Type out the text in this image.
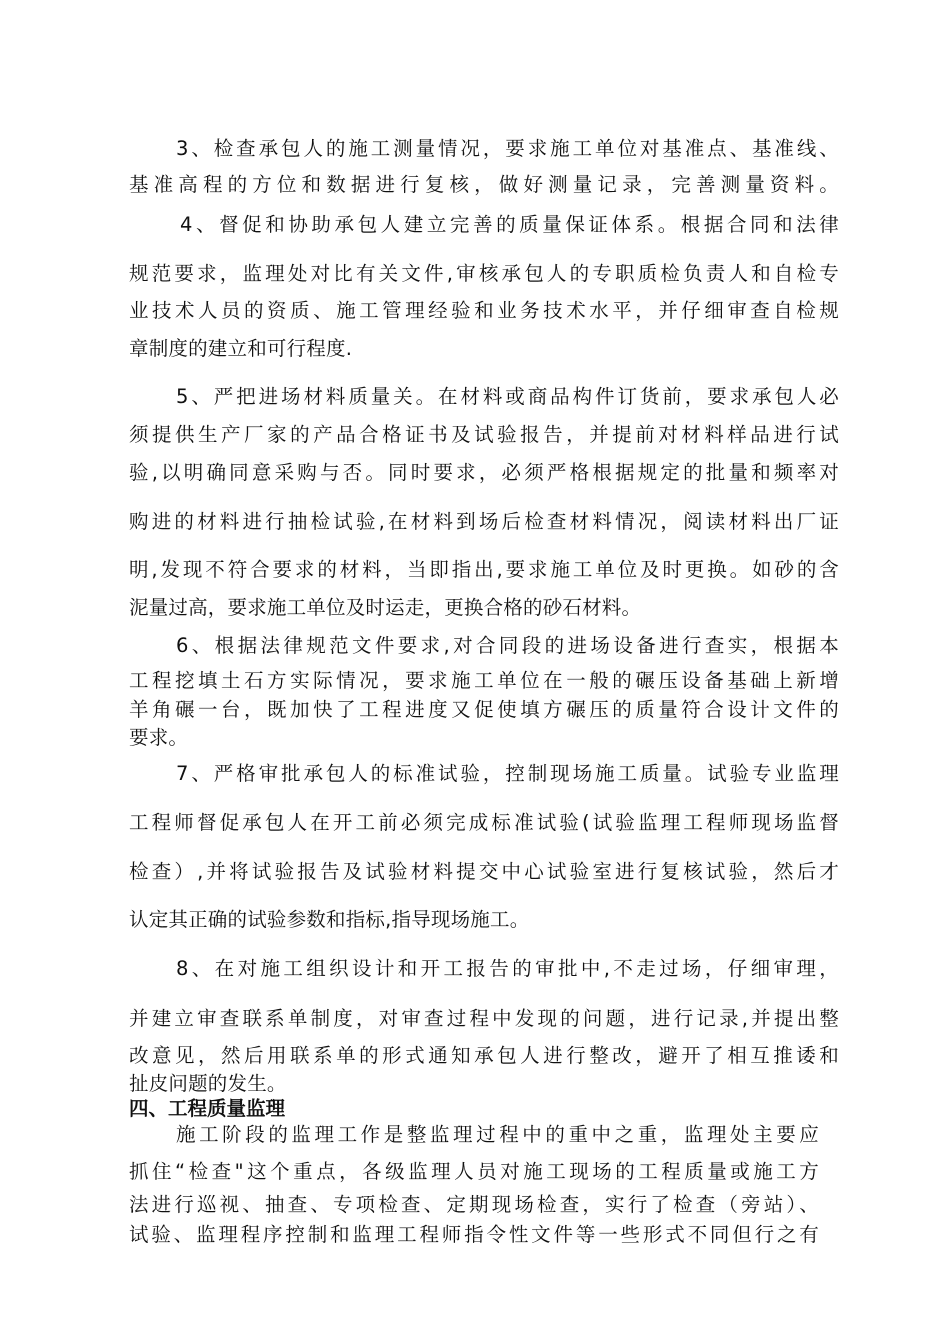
3、检查承包人的施工测量情况，要求施工单位对基准点、基准线、
基准高程的方位和数据进行复核，做好测量记录，完善测量资料。
4、督促和协助承包人建立完善的质量保证体系。根据合同和法律
规范要求，监理处对比有关文件,审核承包人的专职质检负责人和自检专
业技术人员的资质、施工管理经验和业务技术水平，并仔细审查自检规
章制度的建立和可行程度.
5、严把进场材料质量关。在材料或商品构件订货前，要求承包人必
须提供生产厂家的产品合格证书及试验报告，并提前对材料样品进行试
验,以明确同意采购与否。同时要求，必须严格根据规定的批量和频率对
购进的材料进行抽检试验,在材料到场后检查材料情况，阅读材料出厂证
明,发现不符合要求的材料，当即指出,要求施工单位及时更换。如砂的含
泥量过高，要求施工单位及时运走，更换合格的砂石材料。
6、根据法律规范文件要求,对合同段的进场设备进行查实，根据本
工程挖填土石方实际情况，要求施工单位在一般的碾压设备基础上新增
羊角碾一台，既加快了工程进度又促使填方碾压的质量符合设计文件的
要求。
7、严格审批承包人的标准试验，控制现场施工质量。试验专业监理
工程师督促承包人在开工前必须完成标准试验(试验监理工程师现场监督
检查）,并将试验报告及试验材料提交中心试验室进行复核试验，然后才
认定其正确的试验参数和指标,指导现场施工。
8、在对施工组织设计和开工报告的审批中,不走过场，仔细审理，
并建立审查联系单制度，对审查过程中发现的问题，进行记录,并提出整
改意见，然后用联系单的形式通知承包人进行整改，避开了相互推诿和
扯皮问题的发生。
四、工程质量监理
施工阶段的监理工作是整监理过程中的重中之重，监理处主要应
抓住“检查"这个重点，各级监理人员对施工现场的工程质量或施工方
法进行巡视、抽查、专项检查、定期现场检查，实行了检查（旁站）、
试验、监理程序控制和监理工程师指令性文件等一些形式不同但行之有
